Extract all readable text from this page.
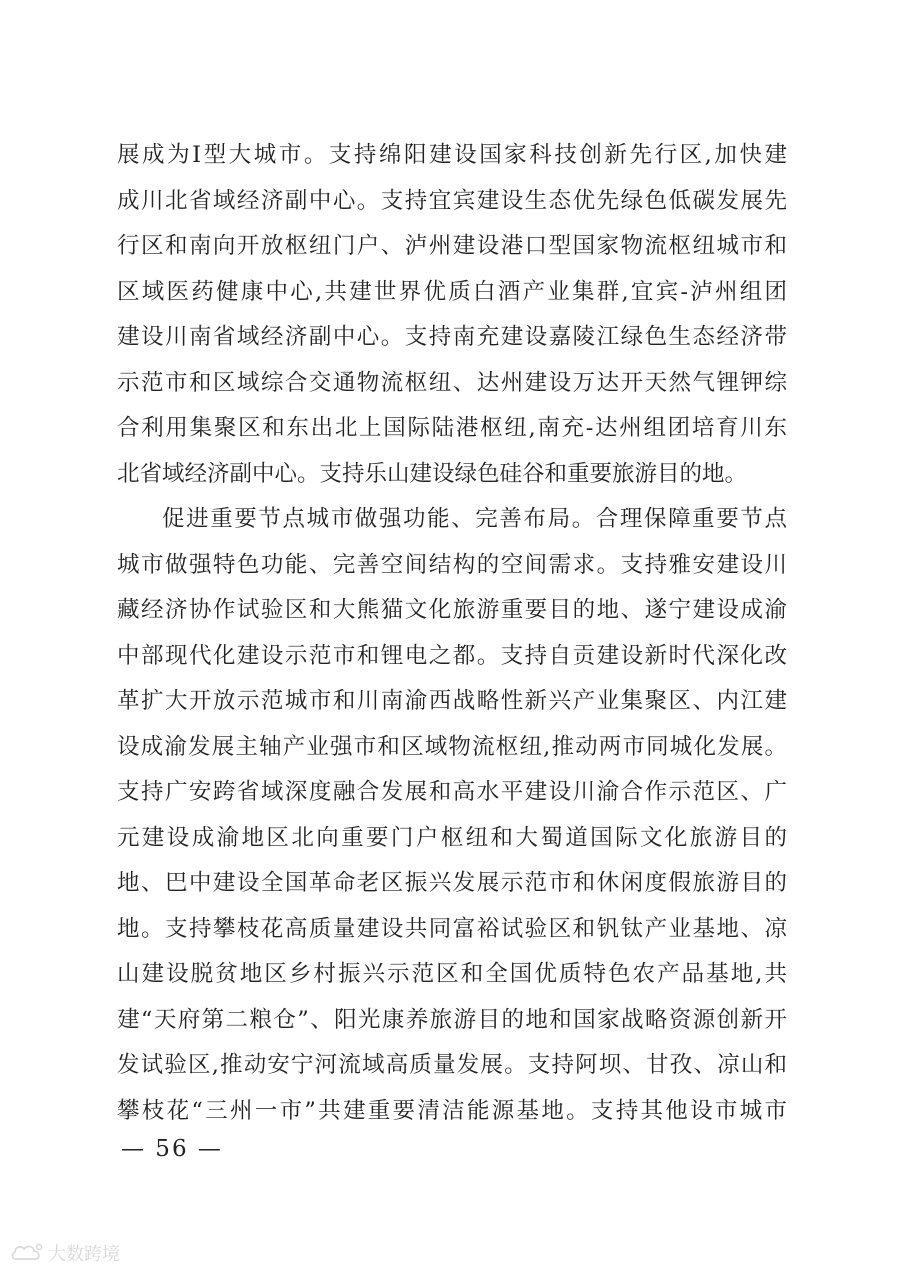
展成为Ⅰ型大城市。支持绵阳建设国家科技创新先行区,加快建
成川北省域经济副中心。支持宜宾建设生态优先绿色低碳发展先
行区和南向开放枢纽门户、泸州建设港口型国家物流枢纽城市和
区域医药健康中心,共建世界优质白酒产业集群,宜宾-泸州组团
建设川南省域经济副中心。支持南充建设嘉陵江绿色生态经济带
示范市和区域综合交通物流枢纽、达州建设万达开天然气锂钾综
合利用集聚区和东出北上国际陆港枢纽,南充-达州组团培育川东
北省域经济副中心。支持乐山建设绿色硅谷和重要旅游目的地。
促进重要节点城市做强功能、完善布局。合理保障重要节点
城市做强特色功能、完善空间结构的空间需求。支持雅安建设川
藏经济协作试验区和大熊猫文化旅游重要目的地、遂宁建设成渝
中部现代化建设示范市和锂电之都。支持自贡建设新时代深化改
革扩大开放示范城市和川南渝西战略性新兴产业集聚区、内江建
设成渝发展主轴产业强市和区域物流枢纽,推动两市同城化发展。
支持广安跨省域深度融合发展和高水平建设川渝合作示范区、广
元建设成渝地区北向重要门户枢纽和大蜀道国际文化旅游目的
地、巴中建设全国革命老区振兴发展示范市和休闲度假旅游目的
地。支持攀枝花高质量建设共同富裕试验区和钒钛产业基地、凉
山建设脱贫地区乡村振兴示范区和全国优质特色农产品基地,共
建“天府第二粮仓”、阳光康养旅游目的地和国家战略资源创新开
发试验区,推动安宁河流域高质量发展。支持阿坝、甘孜、凉山和
攀枝花“三州一市”共建重要清洁能源基地。支持其他设市城市
— 56 —
大数跨境
